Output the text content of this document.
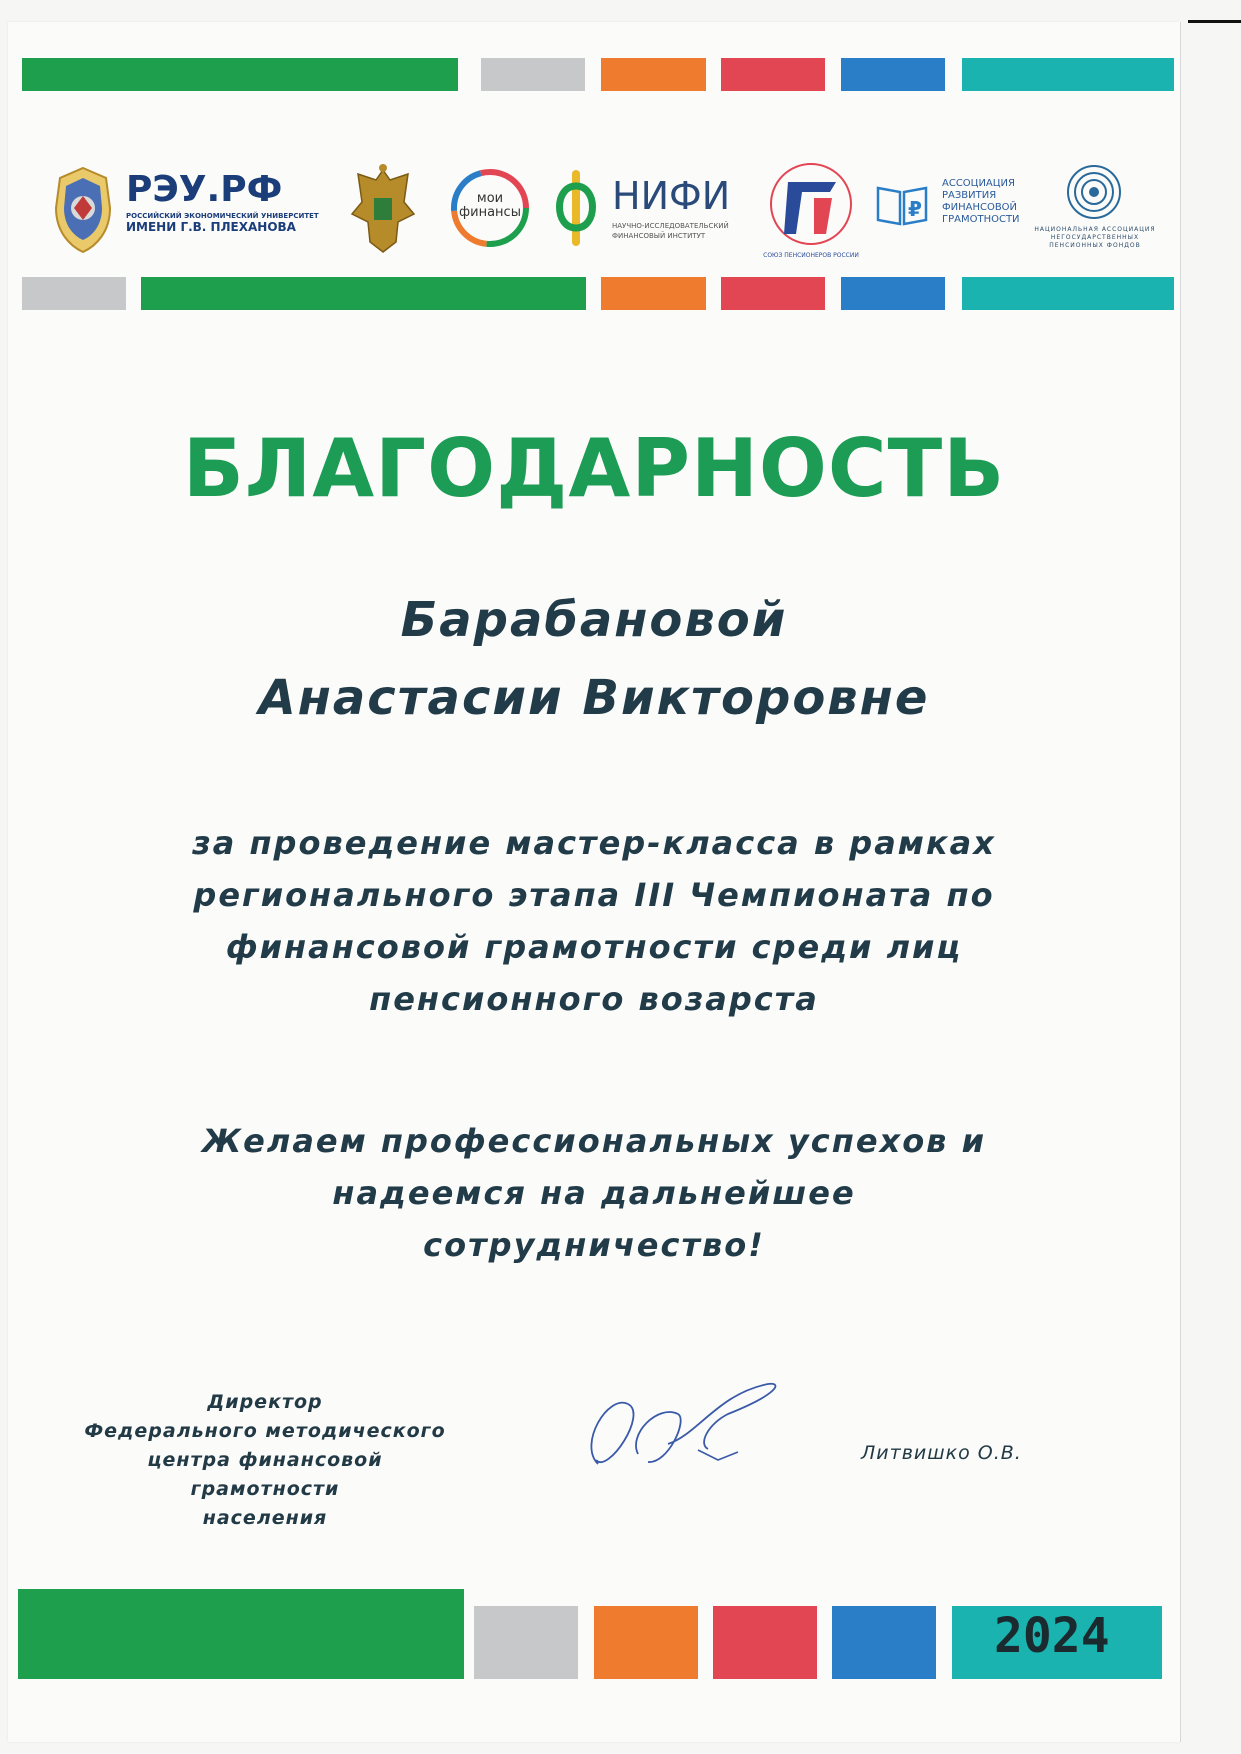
РЭУ.РФ
РОССИЙСКИЙ ЭКОНОМИЧЕСКИЙ УНИВЕРСИТЕТ
ИМЕНИ Г.В. ПЛЕХАНОВА
мои
финансы НИФИ
НАУЧНО-ИССЛЕДОВАТЕЛЬСКИЙ
ФИНАНСОВЫЙ ИНСТИТУТ
СОЮЗ ПЕНСИОНЕРОВ РОССИИ
₽
АССОЦИАЦИЯ
РАЗВИТИЯ
ФИНАНСОВОЙ
ГРАМОТНОСТИ
НАЦИОНАЛЬНАЯ АССОЦИАЦИЯ
НЕГОСУДАРСТВЕННЫХ
ПЕНСИОННЫХ ФОНДОВ
БЛАГОДАРНОСТЬ
Барабановой
Анастасии Викторовне
за проведение мастер-класса в рамках
регионального этапа III Чемпионата по
финансовой грамотности среди лиц
пенсионного возарста
Желаем профессиональных успехов и
надеемся на дальнейшее
сотрудничество!
Директор
Федерального методического
центра финансовой грамотности
населения
Литвишко О.В.
2024
